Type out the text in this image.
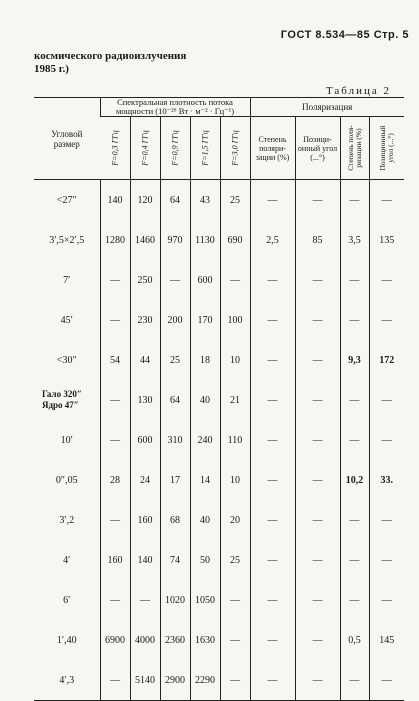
ГОСТ 8.534—85 Стр. 5
космического радиоизлучения
1985 г.)
Таблица 2
Угловой размер	Спектральная плотность потока мощности (10⁻²⁶ Вт · м⁻² · Гц⁻¹)					Поляризация			

	F=0,3 ГГц	F=0,4 ГГц	F=0,9 ГГц	F=1,5 ГГц	F=3,0 ГГц	Степень поляри-зации (%)	Позици-онный угол (...°)	Степень поля-ризации (%)	Позиционный угол (...°)

<27″	140	120	64	43	25	—	—	—	—
3′,5×2′,5	1280	1460	970	1130	690	2,5	85	3,5	135
7′	—	250	—	600	—	—	—	—	—
45′	—	230	200	170	100	—	—	—	—
<30″	54	44	25	18	10	—	—	9,3	172
Гало 320″ Ядро 47″	—	130	64	40	21	—	—	—	—
10′	—	600	310	240	110	—	—	—	—
0″,05	28	24	17	14	10	—	—	10,2	33.
3′,2	—	160	68	40	20	—	—	—	—
4′	160	140	74	50	25	—	—	—	—
6′	—	—	1020	1050	—	—	—	—	—
1′,40	6900	4000	2360	1630	—	—	—	0,5	145
4′,3	—	5140	2900	2290	—	—	—	—	—
